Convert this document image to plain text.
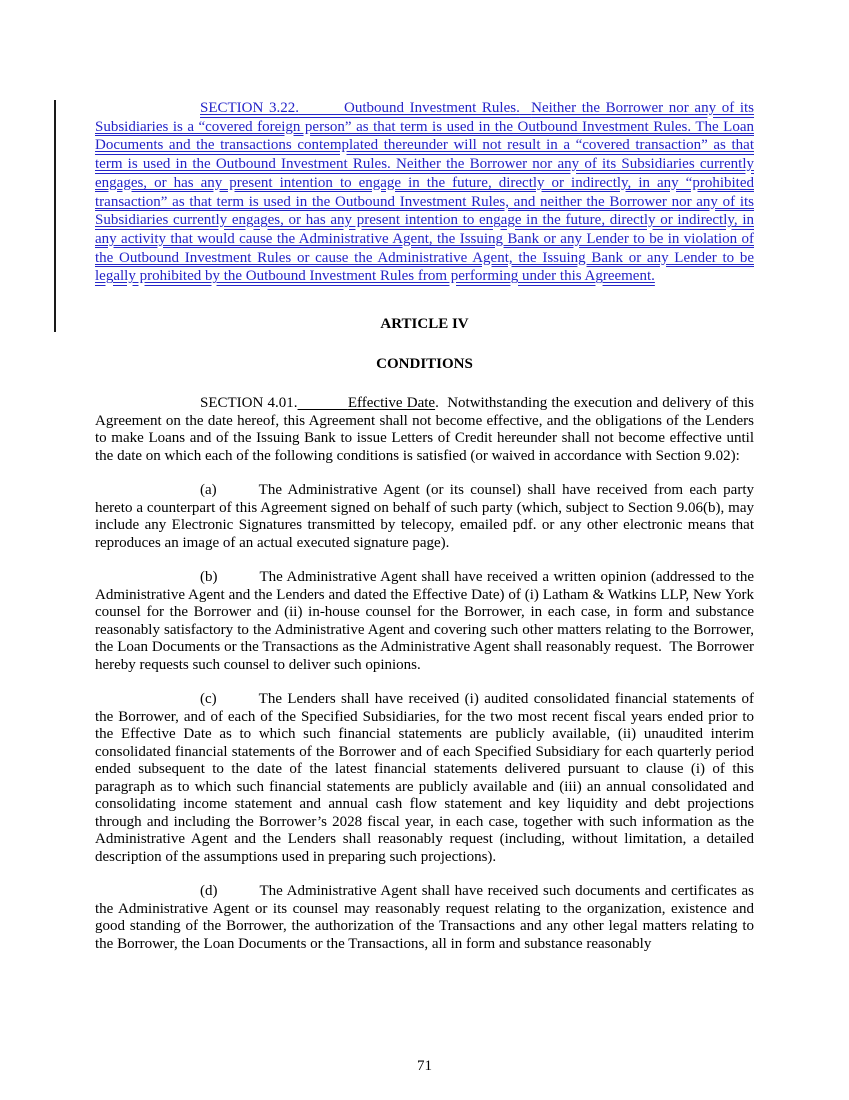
SECTION 3.22.	Outbound Investment Rules. Neither the Borrower nor any of its Subsidiaries is a “covered foreign person” as that term is used in the Outbound Investment Rules. The Loan Documents and the transactions contemplated thereunder will not result in a “covered transaction” as that term is used in the Outbound Investment Rules. Neither the Borrower nor any of its Subsidiaries currently engages, or has any present intention to engage in the future, directly or indirectly, in any “prohibited transaction” as that term is used in the Outbound Investment Rules, and neither the Borrower nor any of its Subsidiaries currently engages, or has any present intention to engage in the future, directly or indirectly, in any activity that would cause the Administrative Agent, the Issuing Bank or any Lender to be in violation of the Outbound Investment Rules or cause the Administrative Agent, the Issuing Bank or any Lender to be legally prohibited by the Outbound Investment Rules from performing under this Agreement.

ARTICLE IV

CONDITIONS

SECTION 4.01.	Effective Date.  Notwithstanding the execution and delivery of this Agreement on the date hereof, this Agreement shall not become effective, and the obligations of the Lenders to make Loans and of the Issuing Bank to issue Letters of Credit hereunder shall not become effective until the date on which each of the following conditions is satisfied (or waived in accordance with Section 9.02):

(a)	The Administrative Agent (or its counsel) shall have received from each party hereto a counterpart of this Agreement signed on behalf of such party (which, subject to Section 9.06(b), may include any Electronic Signatures transmitted by telecopy, emailed pdf. or any other electronic means that reproduces an image of an actual executed signature page).

(b)	The Administrative Agent shall have received a written opinion (addressed to the Administrative Agent and the Lenders and dated the Effective Date) of (i) Latham & Watkins LLP, New York counsel for the Borrower and (ii) in-house counsel for the Borrower, in each case, in form and substance reasonably satisfactory to the Administrative Agent and covering such other matters relating to the Borrower, the Loan Documents or the Transactions as the Administrative Agent shall reasonably request.  The Borrower hereby requests such counsel to deliver such opinions.

(c)	The Lenders shall have received (i) audited consolidated financial statements of the Borrower, and of each of the Specified Subsidiaries, for the two most recent fiscal years ended prior to the Effective Date as to which such financial statements are publicly available, (ii) unaudited interim consolidated financial statements of the Borrower and of each Specified Subsidiary for each quarterly period ended subsequent to the date of the latest financial statements delivered pursuant to clause (i) of this paragraph as to which such financial statements are publicly available and (iii) an annual consolidated and consolidating income statement and annual cash flow statement and key liquidity and debt projections through and including the Borrower’s 2028 fiscal year, in each case, together with such information as the Administrative Agent and the Lenders shall reasonably request (including, without limitation, a detailed description of the assumptions used in preparing such projections).

(d)	The Administrative Agent shall have received such documents and certificates as the Administrative Agent or its counsel may reasonably request relating to the organization, existence and good standing of the Borrower, the authorization of the Transactions and any other legal matters relating to the Borrower, the Loan Documents or the Transactions, all in form and substance reasonably

71
